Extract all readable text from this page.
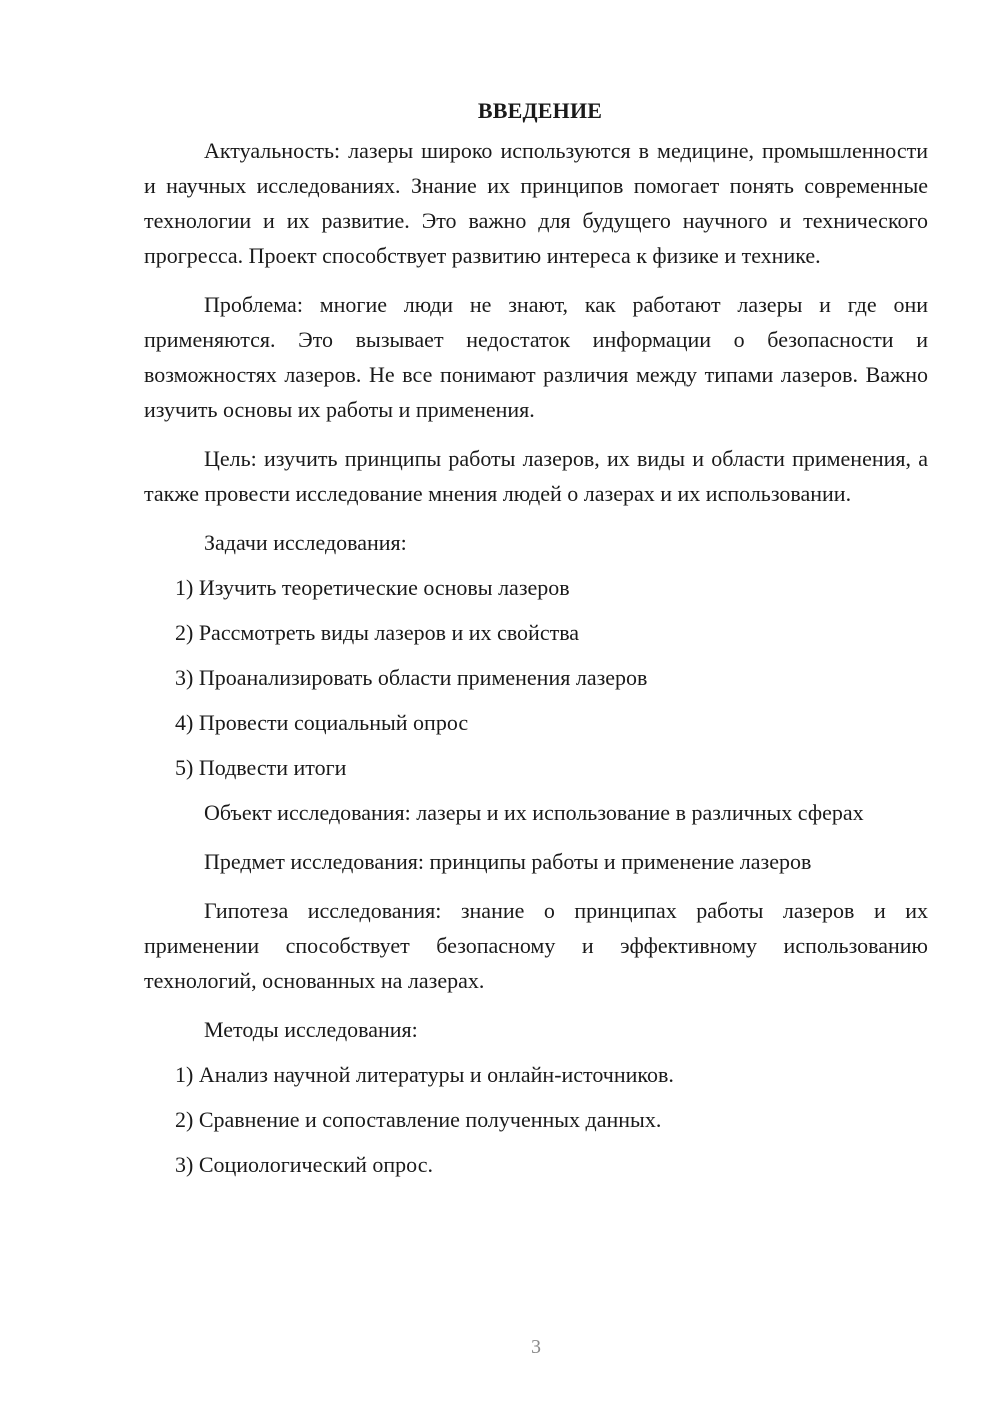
ВВЕДЕНИЕ

Актуальность: лазеры широко используются в медицине, промышленности и научных исследованиях. Знание их принципов помогает понять современные технологии и их развитие. Это важно для будущего научного и технического прогресса. Проект способствует развитию интереса к физике и технике.

Проблема: многие люди не знают, как работают лазеры и где они применяются. Это вызывает недостаток информации о безопасности и возможностях лазеров. Не все понимают различия между типами лазеров. Важно изучить основы их работы и применения.

Цель: изучить принципы работы лазеров, их виды и области применения, а также провести исследование мнения людей о лазерах и их использовании.

Задачи исследования:

1) Изучить теоретические основы лазеров
2) Рассмотреть виды лазеров и их свойства
3) Проанализировать области применения лазеров
4) Провести социальный опрос
5) Подвести итоги

Объект исследования: лазеры и их использование в различных сферах

Предмет исследования: принципы работы и применение лазеров

Гипотеза исследования: знание о принципах работы лазеров и их применении способствует безопасному и эффективному использованию технологий, основанных на лазерах.

Методы исследования:

1) Анализ научной литературы и онлайн-источников.
2) Сравнение и сопоставление полученных данных.
3) Социологический опрос.
3
